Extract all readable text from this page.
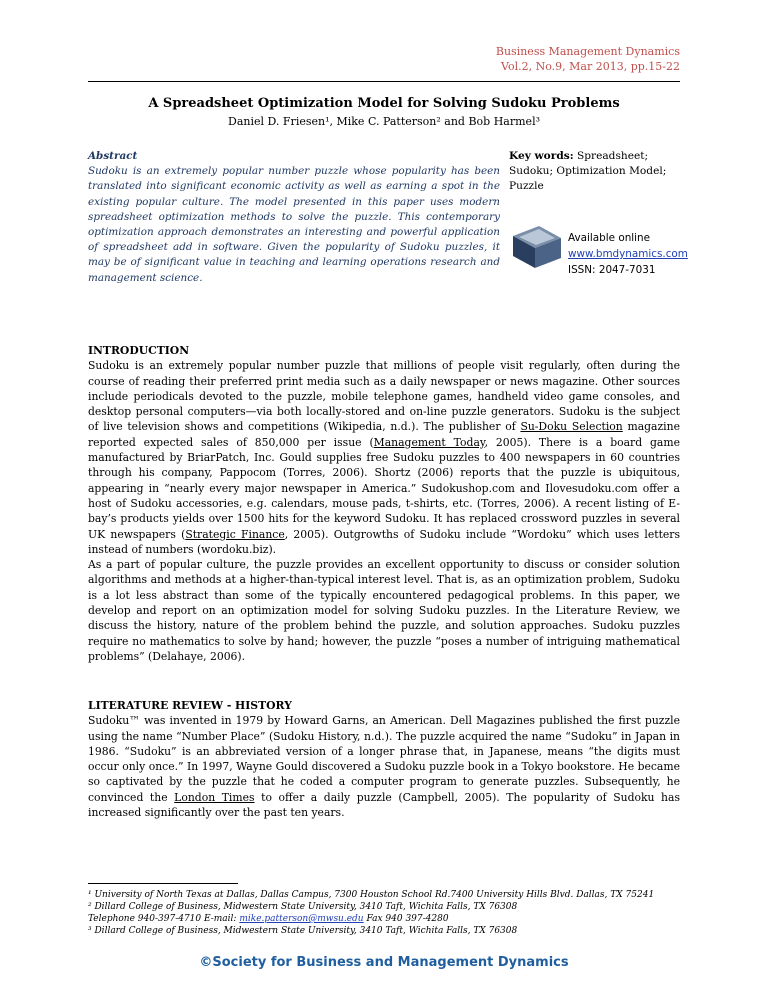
Business Management Dynamics
Vol.2, No.9, Mar 2013, pp.15-22
A Spreadsheet Optimization Model for Solving Sudoku Problems
Daniel D. Friesen¹, Mike C. Patterson² and Bob Harmel³
Abstract
Sudoku is an extremely popular number puzzle whose popularity has been translated into significant economic activity as well as earning a spot in the existing popular culture. The model presented in this paper uses modern spreadsheet optimization methods to solve the puzzle. This contemporary optimization approach demonstrates an interesting and powerful application of spreadsheet add in software. Given the popularity of Sudoku puzzles, it may be of significant value in teaching and learning operations research and management science.
Key words: Spreadsheet; Sudoku; Optimization Model; Puzzle
Available online
www.bmdynamics.com
ISSN: 2047-7031
INTRODUCTION

Sudoku is an extremely popular number puzzle that millions of people visit regularly, often during the course of reading their preferred print media such as a daily newspaper or news magazine. Other sources include periodicals devoted to the puzzle, mobile telephone games, handheld video game consoles, and desktop personal computers—via both locally-stored and on-line puzzle generators. Sudoku is the subject of live television shows and competitions (Wikipedia, n.d.). The publisher of Su-Doku Selection magazine reported expected sales of 850,000 per issue (Management Today, 2005). There is a board game manufactured by BriarPatch, Inc. Gould supplies free Sudoku puzzles to 400 newspapers in 60 countries through his company, Pappocom (Torres, 2006). Shortz (2006) reports that the puzzle is ubiquitous, appearing in “nearly every major newspaper in America.” Sudokushop.com and Ilovesudoku.com offer a host of Sudoku accessories, e.g. calendars, mouse pads, t-shirts, etc. (Torres, 2006). A recent listing of E-bay’s products yields over 1500 hits for the keyword Sudoku. It has replaced crossword puzzles in several UK newspapers (Strategic Finance, 2005). Outgrowths of Sudoku include “Wordoku” which uses letters instead of numbers (wordoku.biz).

As a part of popular culture, the puzzle provides an excellent opportunity to discuss or consider solution algorithms and methods at a higher-than-typical interest level. That is, as an optimization problem, Sudoku is a lot less abstract than some of the typically encountered pedagogical problems. In this paper, we develop and report on an optimization model for solving Sudoku puzzles. In the Literature Review, we discuss the history, nature of the problem behind the puzzle, and solution approaches. Sudoku puzzles require no mathematics to solve by hand; however, the puzzle “poses a number of intriguing mathematical problems” (Delahaye, 2006).

LITERATURE REVIEW - HISTORY

Sudoku™ was invented in 1979 by Howard Garns, an American. Dell Magazines published the first puzzle using the name “Number Place” (Sudoku History, n.d.). The puzzle acquired the name “Sudoku” in Japan in 1986. “Sudoku” is an abbreviated version of a longer phrase that, in Japanese, means “the digits must occur only once.” In 1997, Wayne Gould discovered a Sudoku puzzle book in a Tokyo bookstore. He became so captivated by the puzzle that he coded a computer program to generate puzzles. Subsequently, he convinced the London Times to offer a daily puzzle (Campbell, 2005). The popularity of Sudoku has increased significantly over the past ten years.

¹ University of North Texas at Dallas, Dallas Campus, 7300 Houston School Rd.7400 University Hills Blvd. Dallas, TX 75241
² Dillard College of Business, Midwestern State University, 3410 Taft, Wichita Falls, TX 76308
Telephone 940-397-4710 E-mail: mike.patterson@mwsu.edu Fax 940 397-4280
³ Dillard College of Business, Midwestern State University, 3410 Taft, Wichita Falls, TX 76308
©Society for Business and Management Dynamics
